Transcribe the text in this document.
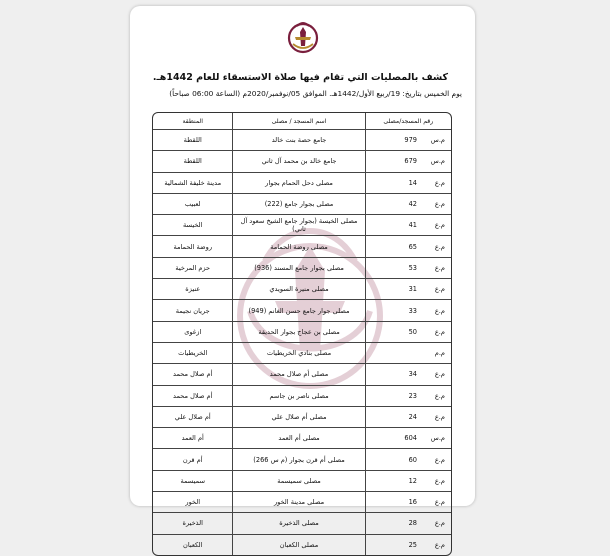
كشف بالمصليات التي تقام فيها صلاة الاستسقاء للعام 1442هـ.
يوم الخميس بتاريخ: 19/ربيع الأول/1442هـ. الموافق 05/نوفمبر/2020م (الساعة 06:00 صباحاً)
رقم المسجد/مصلى
اسم المسجد / مصلى
المنطقة
م.س
979
جامع حصة بنت خالد
اللقطة
م.س
679
جامع خالد بن محمد آل ثاني
اللقطة
م.ع
14
مصلى دحل الحمام بجوار
مدينة خليفة الشمالية
م.ع
42
مصلى بجوار جامع (222)
لعبيب
م.ع
41
مصلى الخيسة (بجوار جامع الشيخ سعود آل ثاني)
الخيسة
م.ع
65
مصلى روضة الحمامة
روضة الحمامة
م.ع
53
مصلى بجوار جامع المسند (936)
حزم المرخية
م.ع
31
مصلى منيرة السويدي
عنيزة
م.ع
33
مصلى جوار جامع حسن الغانم (949)
جريان نجيمة
م.ع
50
مصلى بن عجاج بجوار الحديقة
ازغوى
م.م
مصلى بنادي الخريطيات
الخريطيات
م.ع
34
مصلى أم صلال محمد
أم صلال محمد
م.ع
23
مصلى ناصر بن جاسم
أم صلال محمد
م.ع
24
مصلى أم صلال علي
أم صلال علي
م.س
604
مصلى أم العمد
أم العمد
م.ع
60
مصلى أم قرن بجوار (م س 266)
أم قرن
م.ع
12
مصلى سميسمة
سميسمة
م.ع
16
مصلى مدينة الخور
الخور
م.ع
28
مصلى الذخيرة
الذخيرة
م.ع
25
مصلى الكعبان
الكعبان
